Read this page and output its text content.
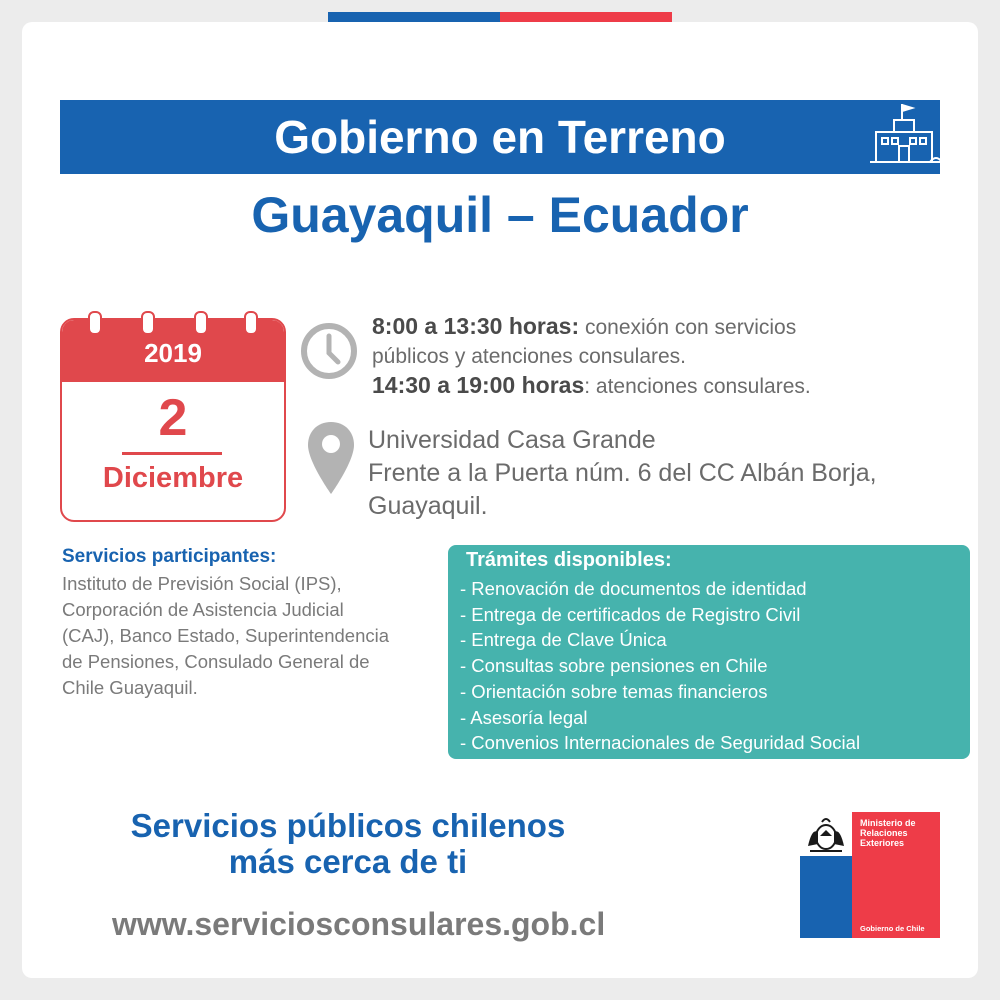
Gobierno en Terreno
Guayaquil – Ecuador
2019
2
Diciembre
8:00 a 13:30 horas: conexión con servicios
públicos y atenciones consulares.
14:30 a 19:00 horas: atenciones consulares.
Universidad Casa Grande
Frente a la Puerta núm. 6 del CC Albán Borja,
Guayaquil.
Servicios participantes:
Instituto de Previsión Social (IPS),
Corporación de Asistencia Judicial
(CAJ), Banco Estado, Superintendencia
de Pensiones, Consulado General de
Chile Guayaquil.
Trámites disponibles:
- Renovación de documentos de identidad
- Entrega de certificados de Registro Civil
- Entrega de Clave Única
- Consultas sobre pensiones en Chile
- Orientación sobre temas financieros
- Asesoría legal
- Convenios Internacionales de Seguridad Social
Servicios públicos chilenos
más cerca de ti
www.serviciosconsulares.gob.cl
Ministerio de
Relaciones
Exteriores
Gobierno de Chile
